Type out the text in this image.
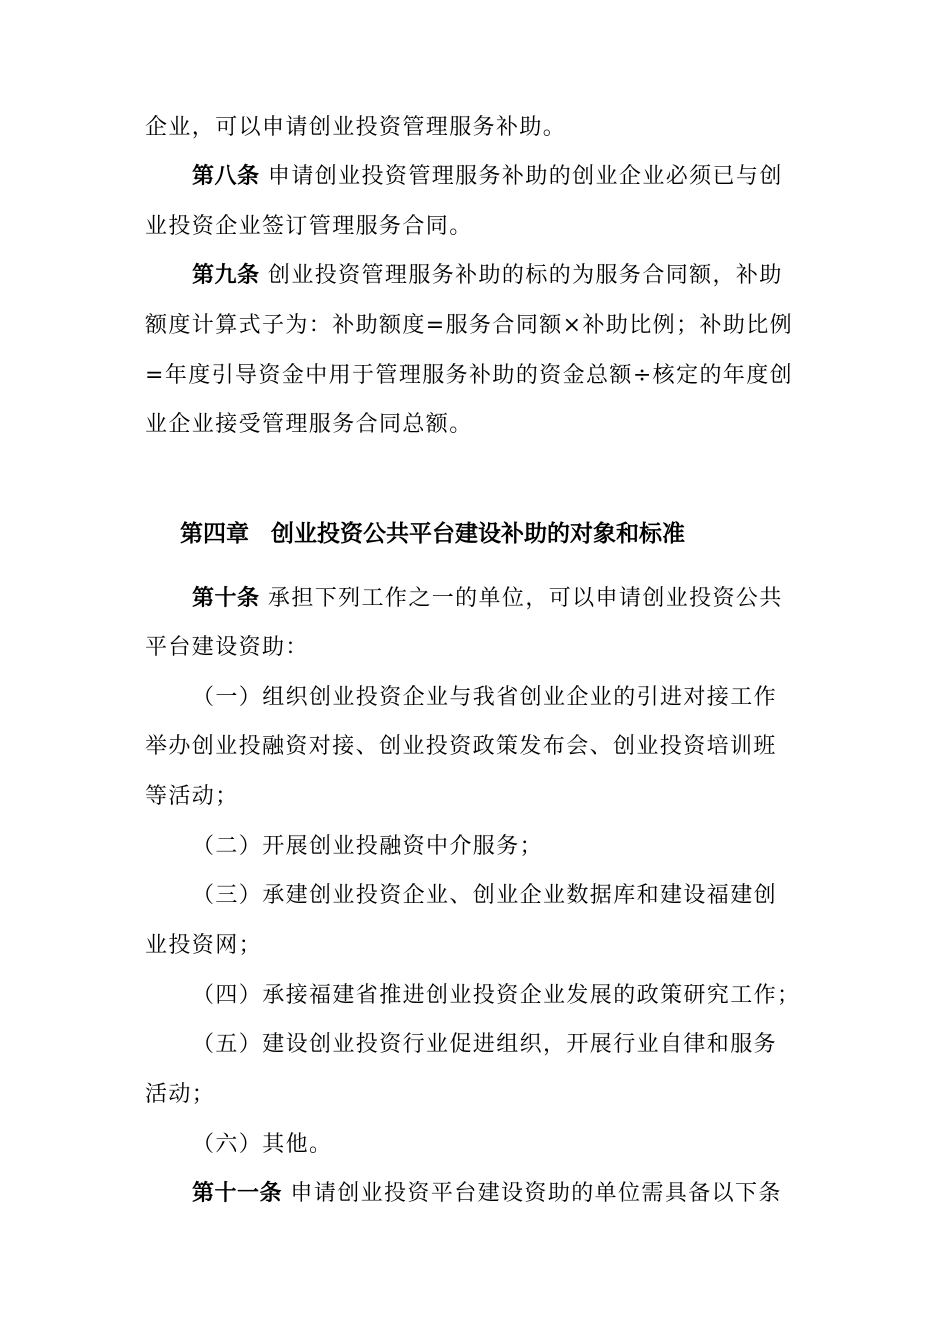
企业，可以申请创业投资管理服务补助。
第八条 申请创业投资管理服务补助的创业企业必须已与创
业投资企业签订管理服务合同。
第九条 创业投资管理服务补助的标的为服务合同额，补助
额度计算式子为：补助额度=服务合同额×补助比例；补助比例
=年度引导资金中用于管理服务补助的资金总额÷核定的年度创
业企业接受管理服务合同总额。
第四章 创业投资公共平台建设补助的对象和标准
第十条 承担下列工作之一的单位，可以申请创业投资公共
平台建设资助：
（一）组织创业投资企业与我省创业企业的引进对接工作
举办创业投融资对接、创业投资政策发布会、创业投资培训班
等活动；
（二）开展创业投融资中介服务；
（三）承建创业投资企业、创业企业数据库和建设福建创
业投资网；
（四）承接福建省推进创业投资企业发展的政策研究工作；
（五）建设创业投资行业促进组织，开展行业自律和服务
活动；
（六）其他。
第十一条 申请创业投资平台建设资助的单位需具备以下条
